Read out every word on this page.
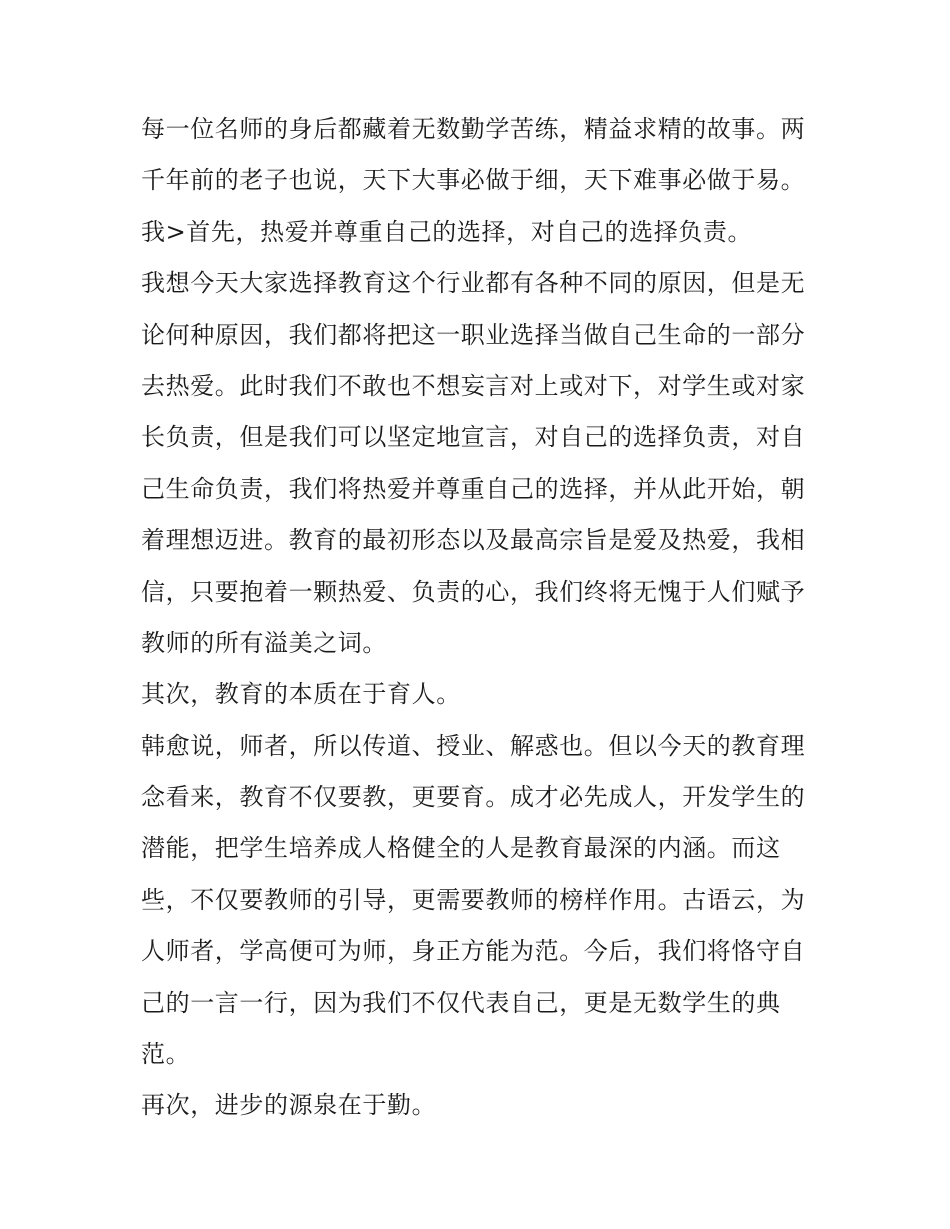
每一位名师的身后都藏着无数勤学苦练，精益求精的故事。两
千年前的老子也说，天下大事必做于细，天下难事必做于易。
我>首先，热爱并尊重自己的选择，对自己的选择负责。
我想今天大家选择教育这个行业都有各种不同的原因，但是无
论何种原因，我们都将把这一职业选择当做自己生命的一部分
去热爱。此时我们不敢也不想妄言对上或对下，对学生或对家
长负责，但是我们可以坚定地宣言，对自己的选择负责，对自
己生命负责，我们将热爱并尊重自己的选择，并从此开始，朝
着理想迈进。教育的最初形态以及最高宗旨是爱及热爱，我相
信，只要抱着一颗热爱、负责的心，我们终将无愧于人们赋予
教师的所有溢美之词。
其次，教育的本质在于育人。
韩愈说，师者，所以传道、授业、解惑也。但以今天的教育理
念看来，教育不仅要教，更要育。成才必先成人，开发学生的
潜能，把学生培养成人格健全的人是教育最深的内涵。而这
些，不仅要教师的引导，更需要教师的榜样作用。古语云，为
人师者，学高便可为师，身正方能为范。今后，我们将恪守自
己的一言一行，因为我们不仅代表自己，更是无数学生的典
范。
再次，进步的源泉在于勤。
